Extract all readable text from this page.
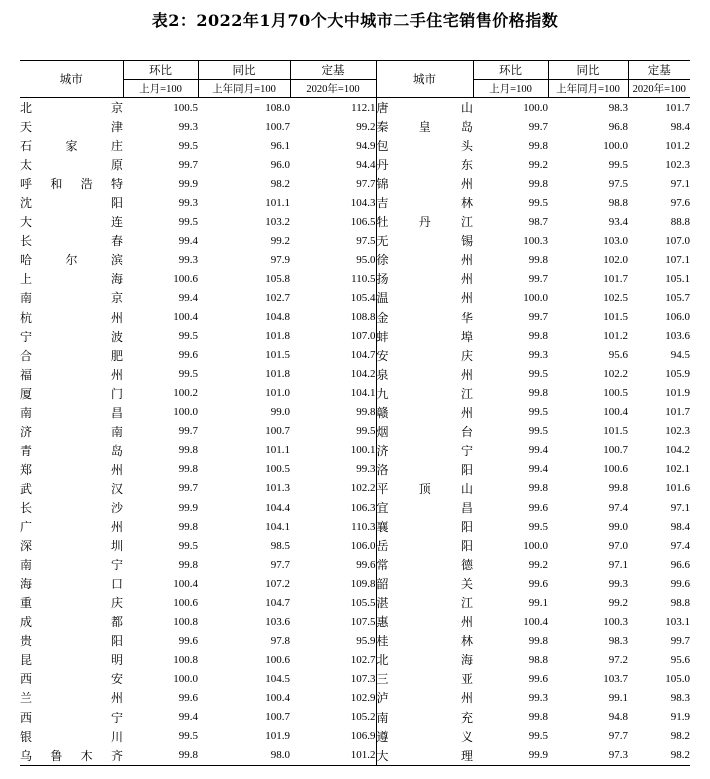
表2：2022年1月70个大中城市二手住宅销售价格指数
城市	环比	同比	定基	城市	环比	同比	定基
	上月=100	上年同月=100	2020年=100		上月=100	上年同月=100	2020年=100
北京	100.5	108.0	112.1	唐山	100.0	98.3	101.7
天津	99.3	100.7	99.2	秦皇岛	99.7	96.8	98.4
石家庄	99.5	96.1	94.9	包头	99.8	100.0	101.2
太原	99.7	96.0	94.4	丹东	99.2	99.5	102.3
呼和浩特	99.9	98.2	97.7	锦州	99.8	97.5	97.1
沈阳	99.3	101.1	104.3	吉林	99.5	98.8	97.6
大连	99.5	103.2	106.5	牡丹江	98.7	93.4	88.8
长春	99.4	99.2	97.5	无锡	100.3	103.0	107.0
哈尔滨	99.3	97.9	95.0	徐州	99.8	102.0	107.1
上海	100.6	105.8	110.5	扬州	99.7	101.7	105.1
南京	99.4	102.7	105.4	温州	100.0	102.5	105.7
杭州	100.4	104.8	108.8	金华	99.7	101.5	106.0
宁波	99.5	101.8	107.0	蚌埠	99.8	101.2	103.6
合肥	99.6	101.5	104.7	安庆	99.3	95.6	94.5
福州	99.5	101.8	104.2	泉州	99.5	102.2	105.9
厦门	100.2	101.0	104.1	九江	99.8	100.5	101.9
南昌	100.0	99.0	99.8	赣州	99.5	100.4	101.7
济南	99.7	100.7	99.5	烟台	99.5	101.5	102.3
青岛	99.8	101.1	100.1	济宁	99.4	100.7	104.2
郑州	99.8	100.5	99.3	洛阳	99.4	100.6	102.1
武汉	99.7	101.3	102.2	平顶山	99.8	99.8	101.6
长沙	99.9	104.4	106.3	宜昌	99.6	97.4	97.1
广州	99.8	104.1	110.3	襄阳	99.5	99.0	98.4
深圳	99.5	98.5	106.0	岳阳	100.0	97.0	97.4
南宁	99.8	97.7	99.6	常德	99.2	97.1	96.6
海口	100.4	107.2	109.8	韶关	99.6	99.3	99.6
重庆	100.6	104.7	105.5	湛江	99.1	99.2	98.8
成都	100.8	103.6	107.5	惠州	100.4	100.3	103.1
贵阳	99.6	97.8	95.9	桂林	99.8	98.3	99.7
昆明	100.8	100.6	102.7	北海	98.8	97.2	95.6
西安	100.0	104.5	107.3	三亚	99.6	103.7	105.0
兰州	99.6	100.4	102.9	泸州	99.3	99.1	98.3
西宁	99.4	100.7	105.2	南充	99.8	94.8	91.9
银川	99.5	101.9	106.9	遵义	99.5	97.7	98.2
乌鲁木齐	99.8	98.0	101.2	大理	99.9	97.3	98.2
